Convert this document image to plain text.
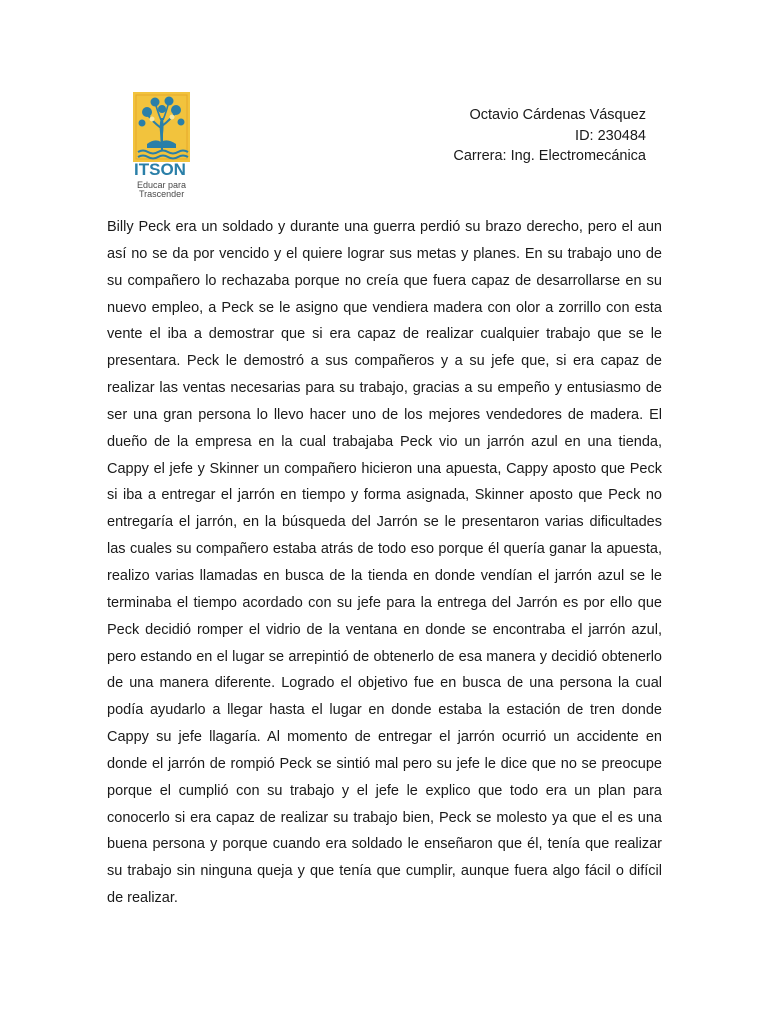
ITSON
Educar para
Trascender
Octavio Cárdenas Vásquez
ID: 230484
Carrera: Ing. Electromecánica

Billy Peck era un soldado y durante una guerra perdió su brazo derecho, pero el aun así no se da por vencido y el quiere lograr sus metas y planes. En su trabajo uno de su compañero lo rechazaba porque no creía que fuera capaz de desarrollarse en su nuevo empleo, a Peck se le asigno que vendiera madera con olor a zorrillo con esta vente el iba a demostrar que si era capaz de realizar cualquier trabajo que se le presentara. Peck le demostró a sus compañeros y a su jefe que, si era capaz de realizar las ventas necesarias para su trabajo, gracias a su empeño y entusiasmo de ser una gran persona lo llevo hacer uno de los mejores vendedores de madera. El dueño de la empresa en la cual trabajaba Peck vio un jarrón azul en una tienda, Cappy el jefe y Skinner un compañero hicieron una apuesta, Cappy aposto que Peck si iba a entregar el jarrón en tiempo y forma asignada, Skinner aposto que Peck no entregaría el jarrón, en la búsqueda del Jarrón se le presentaron varias dificultades las cuales su compañero estaba atrás de todo eso porque él quería ganar la apuesta, realizo varias llamadas en busca de la tienda en donde vendían el jarrón azul se le terminaba el tiempo acordado con su jefe para la entrega del Jarrón es por ello que Peck decidió romper el vidrio de la ventana en donde se encontraba el jarrón azul, pero estando en el lugar se arrepintió de obtenerlo de esa manera y decidió obtenerlo de una manera diferente. Logrado el objetivo fue en busca de una persona la cual podía ayudarlo a llegar hasta el lugar en donde estaba la estación de tren donde Cappy su jefe llagaría. Al momento de entregar el jarrón ocurrió un accidente en donde el jarrón de rompió Peck se sintió mal pero su jefe le dice que no se preocupe porque el cumplió con su trabajo y el jefe le explico que todo era un plan para conocerlo si era capaz de realizar su trabajo bien, Peck se molesto ya que el es una buena persona y porque cuando era soldado le enseñaron que él, tenía que realizar su trabajo sin ninguna queja y que tenía que cumplir, aunque fuera algo fácil o difícil de realizar.
